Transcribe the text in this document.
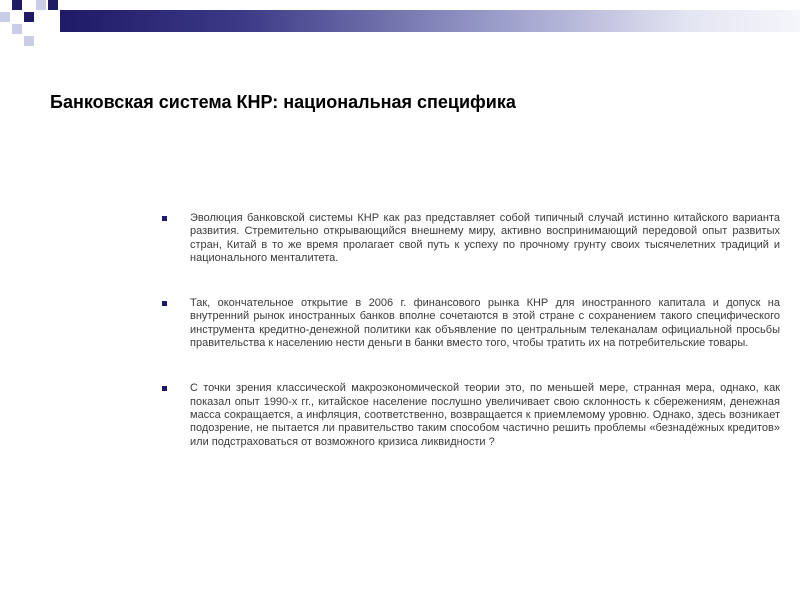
Банковская система КНР: национальная специфика
Эволюция банковской системы КНР как раз представляет собой типичный случай истинно китайского варианта развития. Стремительно открывающийся внешнему миру, активно воспринимающий передовой опыт развитых стран, Китай в то же время пролагает свой путь к успеху по прочному грунту своих тысячелетних традиций и национального менталитета.
Так, окончательное открытие в 2006 г. финансового рынка КНР для иностранного капитала и допуск на внутренний рынок иностранных банков вполне сочетаются в этой стране с сохранением такого специфического инструмента кредитно-денежной политики как объявление по центральным телеканалам официальной просьбы правительства к населению нести деньги в банки вместо того, чтобы тратить их на потребительские товары.
С точки зрения классической макроэкономической теории это, по меньшей мере, странная мера, однако, как показал опыт 1990-х гг., китайское население послушно увеличивает свою склонность к сбережениям, денежная масса сокращается, а инфляция, соответственно, возвращается к приемлемому уровню. Однако, здесь возникает подозрение, не пытается ли правительство таким способом частично решить проблемы «безнадёжных кредитов» или подстраховаться от возможного кризиса ликвидности ?
